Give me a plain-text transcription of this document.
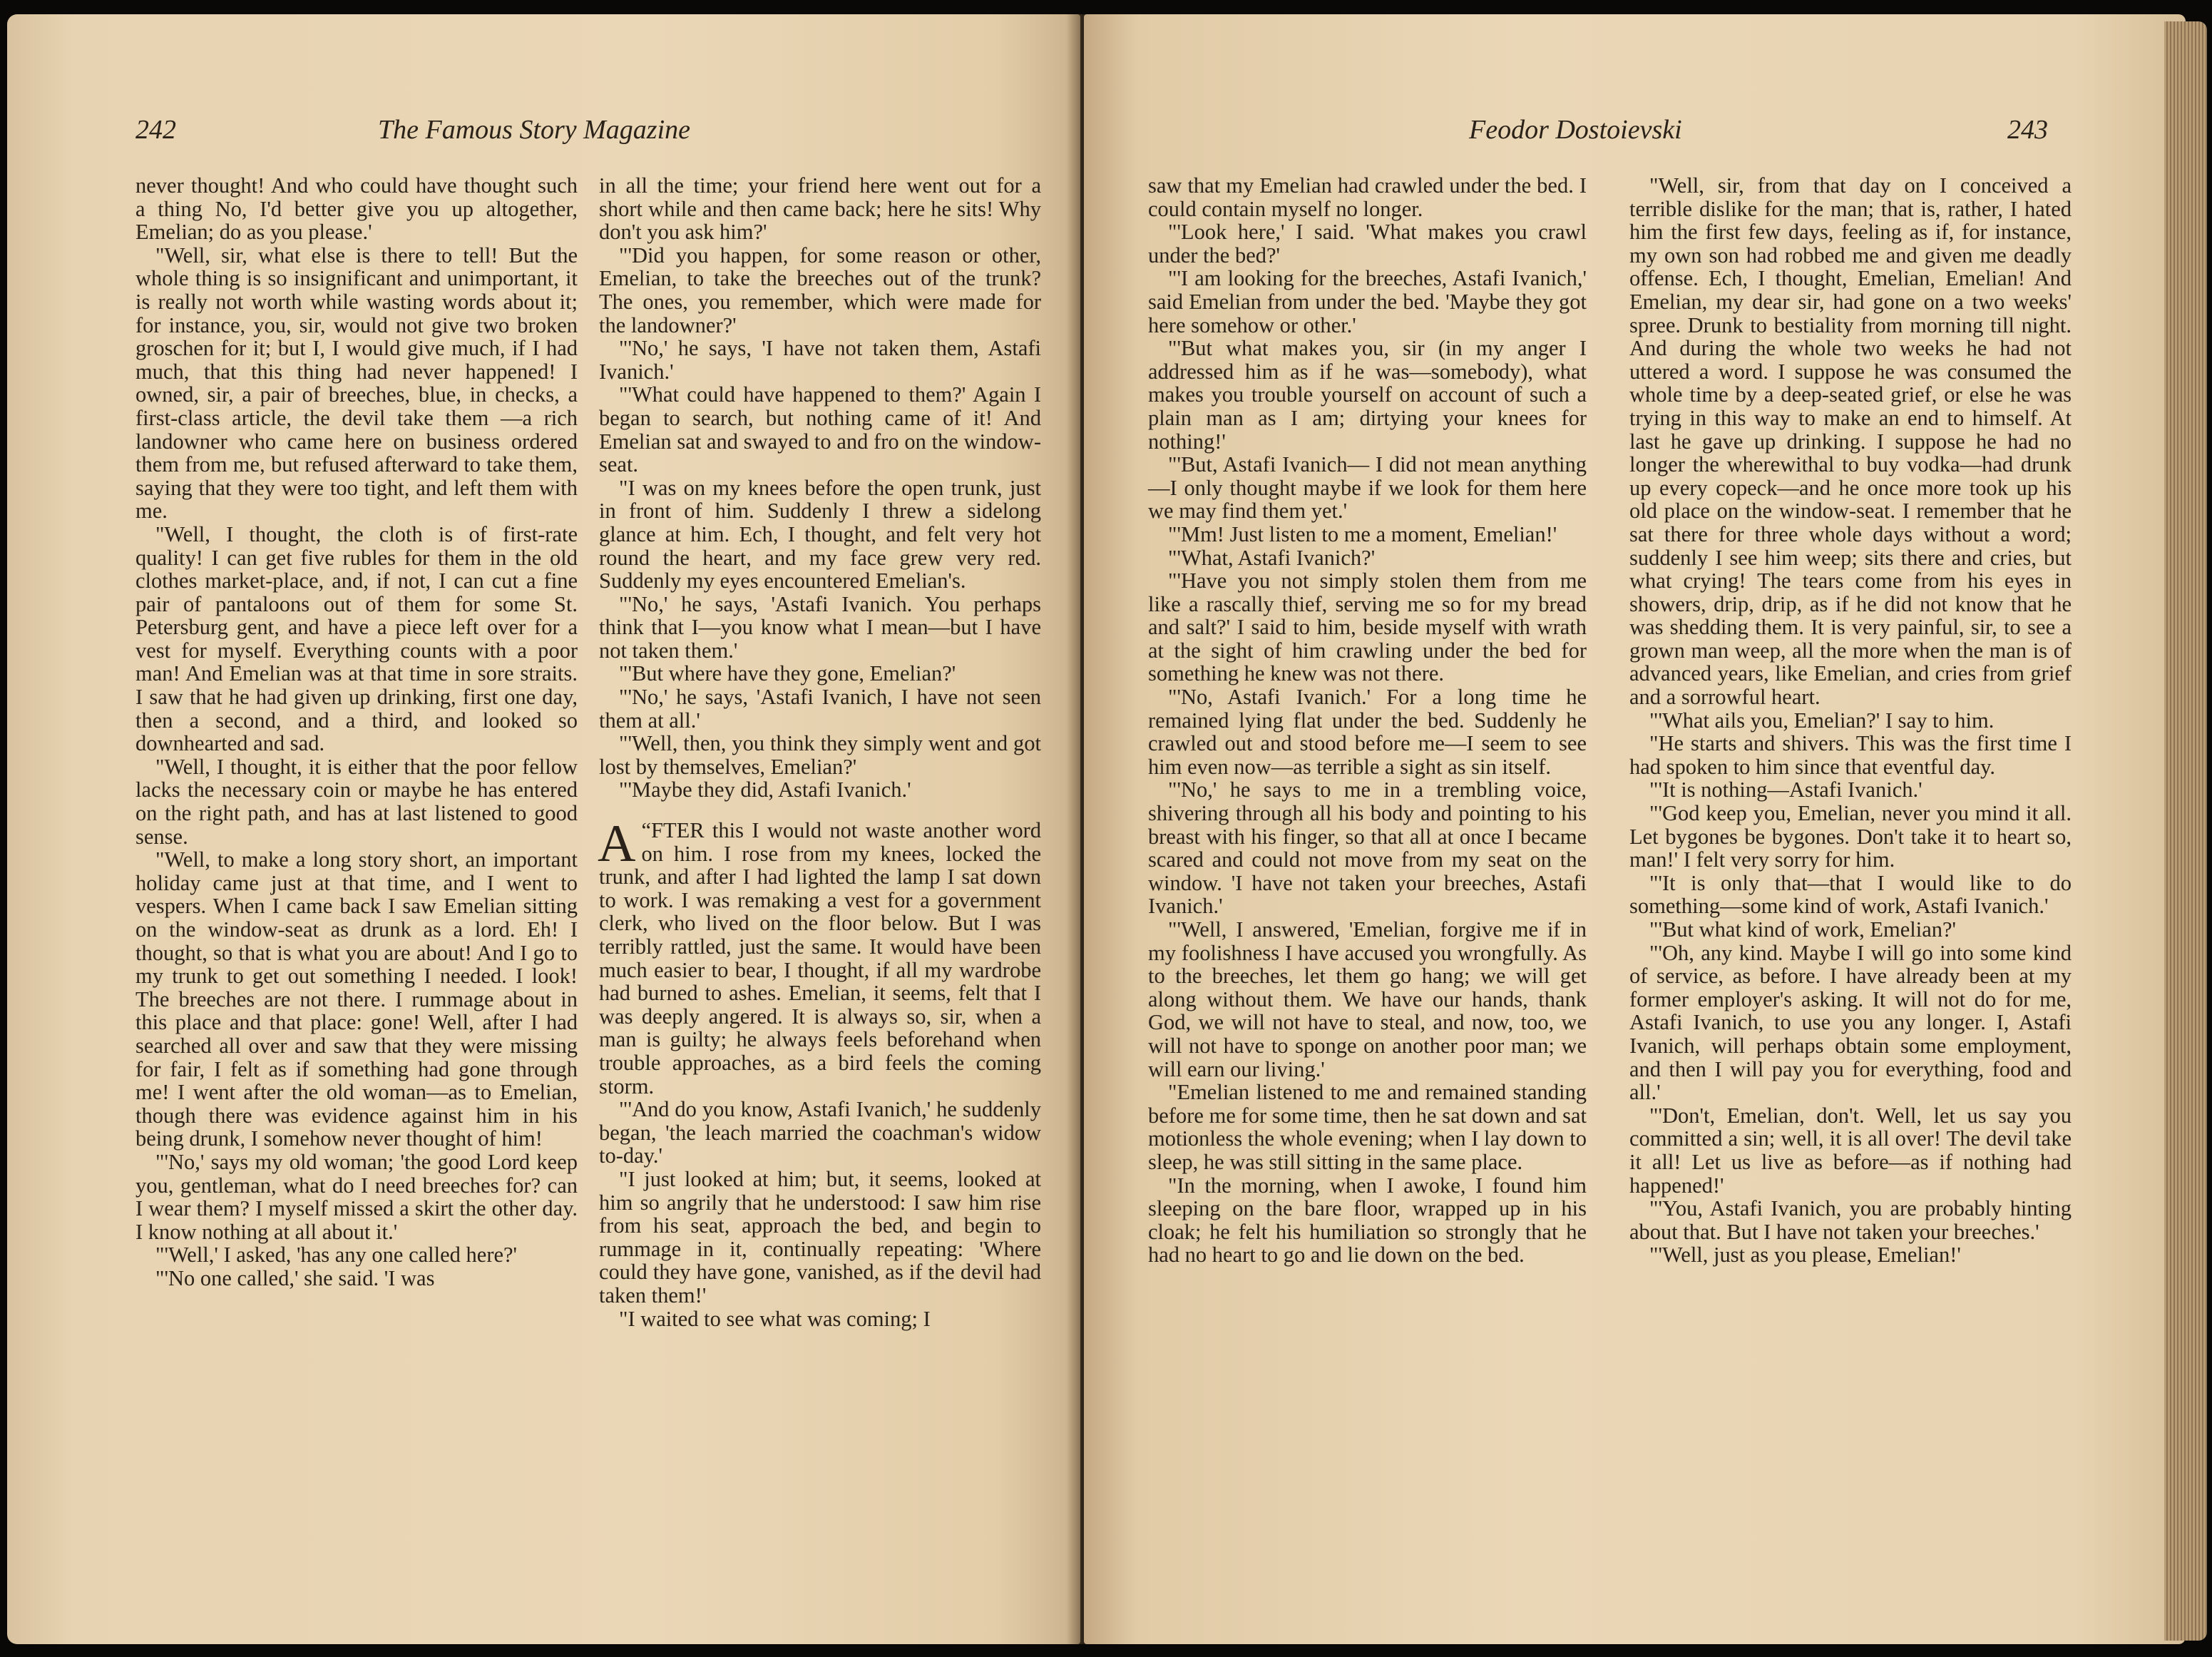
242	The Famous Story Magazine

never thought! And who could have thought such a thing No, I'd better give you up altogether, Emelian; do as you please.'

"Well, sir, what else is there to tell! But the whole thing is so insignificant and unimportant, it is really not worth while wasting words about it; for instance, you, sir, would not give two broken groschen for it; but I, I would give much, if I had much, that this thing had never happened! I owned, sir, a pair of breeches, blue, in checks, a first-class article, the devil take them —a rich landowner who came here on business ordered them from me, but refused afterward to take them, saying that they were too tight, and left them with me.

"Well, I thought, the cloth is of first-rate quality! I can get five rubles for them in the old clothes market-place, and, if not, I can cut a fine pair of pantaloons out of them for some St. Petersburg gent, and have a piece left over for a vest for myself. Everything counts with a poor man! And Emelian was at that time in sore straits. I saw that he had given up drinking, first one day, then a second, and a third, and looked so downhearted and sad.

"Well, I thought, it is either that the poor fellow lacks the necessary coin or maybe he has entered on the right path, and has at last listened to good sense.

"Well, to make a long story short, an important holiday came just at that time, and I went to vespers. When I came back I saw Emelian sitting on the window-seat as drunk as a lord. Eh! I thought, so that is what you are about! And I go to my trunk to get out something I needed. I look! The breeches are not there. I rummage about in this place and that place: gone! Well, after I had searched all over and saw that they were missing for fair, I felt as if something had gone through me! I went after the old woman—as to Emelian, though there was evidence against him in his being drunk, I somehow never thought of him!

"'No,' says my old woman; 'the good Lord keep you, gentleman, what do I need breeches for? can I wear them? I myself missed a skirt the other day. I know nothing at all about it.'

"'Well,' I asked, 'has any one called here?'

"'No one called,' she said. 'I was

in all the time; your friend here went out for a short while and then came back; here he sits! Why don't you ask him?'

"'Did you happen, for some reason or other, Emelian, to take the breeches out of the trunk? The ones, you remember, which were made for the landowner?'

"'No,' he says, 'I have not taken them, Astafi Ivanich.'

"'What could have happened to them?' Again I began to search, but nothing came of it! And Emelian sat and swayed to and fro on the window-seat.

"I was on my knees before the open trunk, just in front of him. Suddenly I threw a sidelong glance at him. Ech, I thought, and felt very hot round the heart, and my face grew very red. Suddenly my eyes encountered Emelian's.

"'No,' he says, 'Astafi Ivanich. You perhaps think that I—you know what I mean—but I have not taken them.'

"'But where have they gone, Emelian?'

"'No,' he says, 'Astafi Ivanich, I have not seen them at all.'

"'Well, then, you think they simply went and got lost by themselves, Emelian?'

"'Maybe they did, Astafi Ivanich.'

“
A FTER this I would not waste another word on him. I rose from my knees, locked the trunk, and after I had lighted the lamp I sat down to work. I was remaking a vest for a government clerk, who lived on the floor below. But I was terribly rattled, just the same. It would have been much easier to bear, I thought, if all my wardrobe had burned to ashes. Emelian, it seems, felt that I was deeply angered. It is always so, sir, when a man is guilty; he always feels beforehand when trouble approaches, as a bird feels the coming storm.

"'And do you know, Astafi Ivanich,' he suddenly began, 'the leach married the coachman's widow to-day.'

"I just looked at him; but, it seems, looked at him so angrily that he understood: I saw him rise from his seat, approach the bed, and begin to rummage in it, continually repeating: 'Where could they have gone, vanished, as if the devil had taken them!'

"I waited to see what was coming; I

Feodor Dostoievski	243

saw that my Emelian had crawled under the bed. I could contain myself no longer.

"'Look here,' I said. 'What makes you crawl under the bed?'

"'I am looking for the breeches, Astafi Ivanich,' said Emelian from under the bed. 'Maybe they got here somehow or other.'

"'But what makes you, sir (in my anger I addressed him as if he was—somebody), what makes you trouble yourself on account of such a plain man as I am; dirtying your knees for nothing!'

"'But, Astafi Ivanich— I did not mean anything—I only thought maybe if we look for them here we may find them yet.'

"'Mm! Just listen to me a moment, Emelian!'

"'What, Astafi Ivanich?'

"'Have you not simply stolen them from me like a rascally thief, serving me so for my bread and salt?' I said to him, beside myself with wrath at the sight of him crawling under the bed for something he knew was not there.

"'No, Astafi Ivanich.' For a long time he remained lying flat under the bed. Suddenly he crawled out and stood before me—I seem to see him even now—as terrible a sight as sin itself.

"'No,' he says to me in a trembling voice, shivering through all his body and pointing to his breast with his finger, so that all at once I became scared and could not move from my seat on the window. 'I have not taken your breeches, Astafi Ivanich.'

"'Well, I answered, 'Emelian, forgive me if in my foolishness I have accused you wrongfully. As to the breeches, let them go hang; we will get along without them. We have our hands, thank God, we will not have to steal, and now, too, we will not have to sponge on another poor man; we will earn our living.'

"Emelian listened to me and remained standing before me for some time, then he sat down and sat motionless the whole evening; when I lay down to sleep, he was still sitting in the same place.

"In the morning, when I awoke, I found him sleeping on the bare floor, wrapped up in his cloak; he felt his humiliation so strongly that he had no heart to go and lie down on the bed.

"Well, sir, from that day on I conceived a terrible dislike for the man; that is, rather, I hated him the first few days, feeling as if, for instance, my own son had robbed me and given me deadly offense. Ech, I thought, Emelian, Emelian! And Emelian, my dear sir, had gone on a two weeks' spree. Drunk to bestiality from morning till night. And during the whole two weeks he had not uttered a word. I suppose he was consumed the whole time by a deep-seated grief, or else he was trying in this way to make an end to himself. At last he gave up drinking. I suppose he had no longer the wherewithal to buy vodka—had drunk up every copeck—and he once more took up his old place on the window-seat. I remember that he sat there for three whole days without a word; suddenly I see him weep; sits there and cries, but what crying! The tears come from his eyes in showers, drip, drip, as if he did not know that he was shedding them. It is very painful, sir, to see a grown man weep, all the more when the man is of advanced years, like Emelian, and cries from grief and a sorrowful heart.

"'What ails you, Emelian?' I say to him.

"He starts and shivers. This was the first time I had spoken to him since that eventful day.

"'It is nothing—Astafi Ivanich.'

"'God keep you, Emelian, never you mind it all. Let bygones be bygones. Don't take it to heart so, man!' I felt very sorry for him.

"'It is only that—that I would like to do something—some kind of work, Astafi Ivanich.'

"'But what kind of work, Emelian?'

"'Oh, any kind. Maybe I will go into some kind of service, as before. I have already been at my former employer's asking. It will not do for me, Astafi Ivanich, to use you any longer. I, Astafi Ivanich, will perhaps obtain some employment, and then I will pay you for everything, food and all.'

"'Don't, Emelian, don't. Well, let us say you committed a sin; well, it is all over! The devil take it all! Let us live as before—as if nothing had happened!'

"'You, Astafi Ivanich, you are probably hinting about that. But I have not taken your breeches.'

"'Well, just as you please, Emelian!'
